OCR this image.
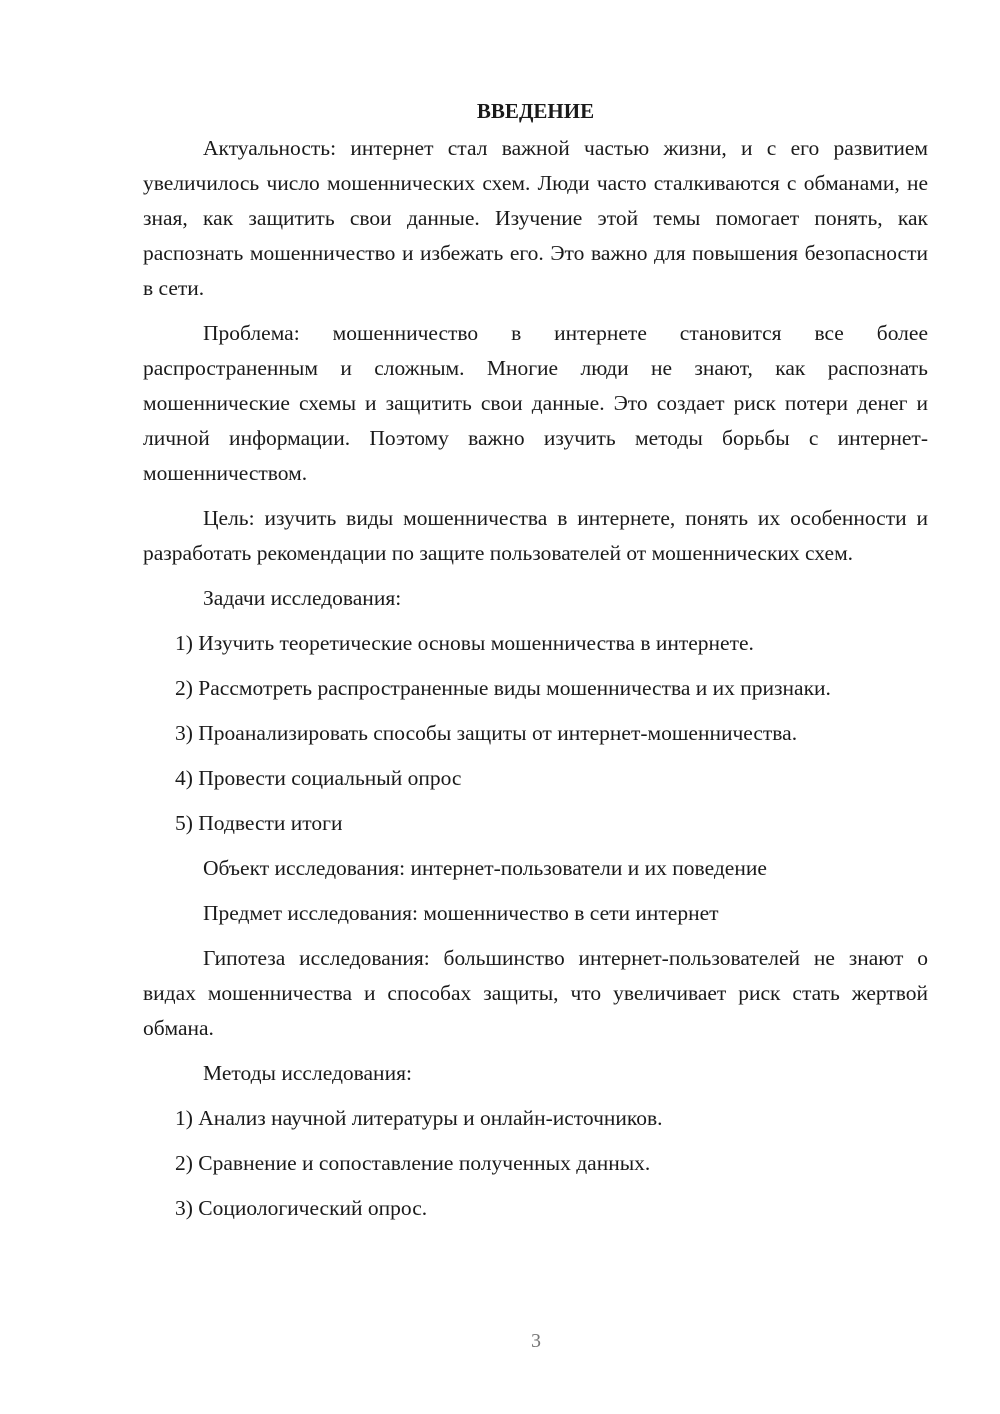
ВВЕДЕНИЕ

Актуальность: интернет стал важной частью жизни, и с его развитием увеличилось число мошеннических схем. Люди часто сталкиваются с обманами, не зная, как защитить свои данные. Изучение этой темы помогает понять, как распознать мошенничество и избежать его. Это важно для повышения безопасности в сети.

Проблема: мошенничество в интернете становится все более распространенным и сложным. Многие люди не знают, как распознать мошеннические схемы и защитить свои данные. Это создает риск потери денег и личной информации. Поэтому важно изучить методы борьбы с интернет-мошенничеством.

Цель: изучить виды мошенничества в интернете, понять их особенности и разработать рекомендации по защите пользователей от мошеннических схем.

Задачи исследования:

1) Изучить теоретические основы мошенничества в интернете.

2) Рассмотреть распространенные виды мошенничества и их признаки.

3) Проанализировать способы защиты от интернет-мошенничества.

4) Провести социальный опрос

5) Подвести итоги

Объект исследования: интернет-пользователи и их поведение

Предмет исследования: мошенничество в сети интернет

Гипотеза исследования: большинство интернет-пользователей не знают о видах мошенничества и способах защиты, что увеличивает риск стать жертвой обмана.

Методы исследования:

1) Анализ научной литературы и онлайн-источников.

2) Сравнение и сопоставление полученных данных.

3) Социологический опрос.

3
